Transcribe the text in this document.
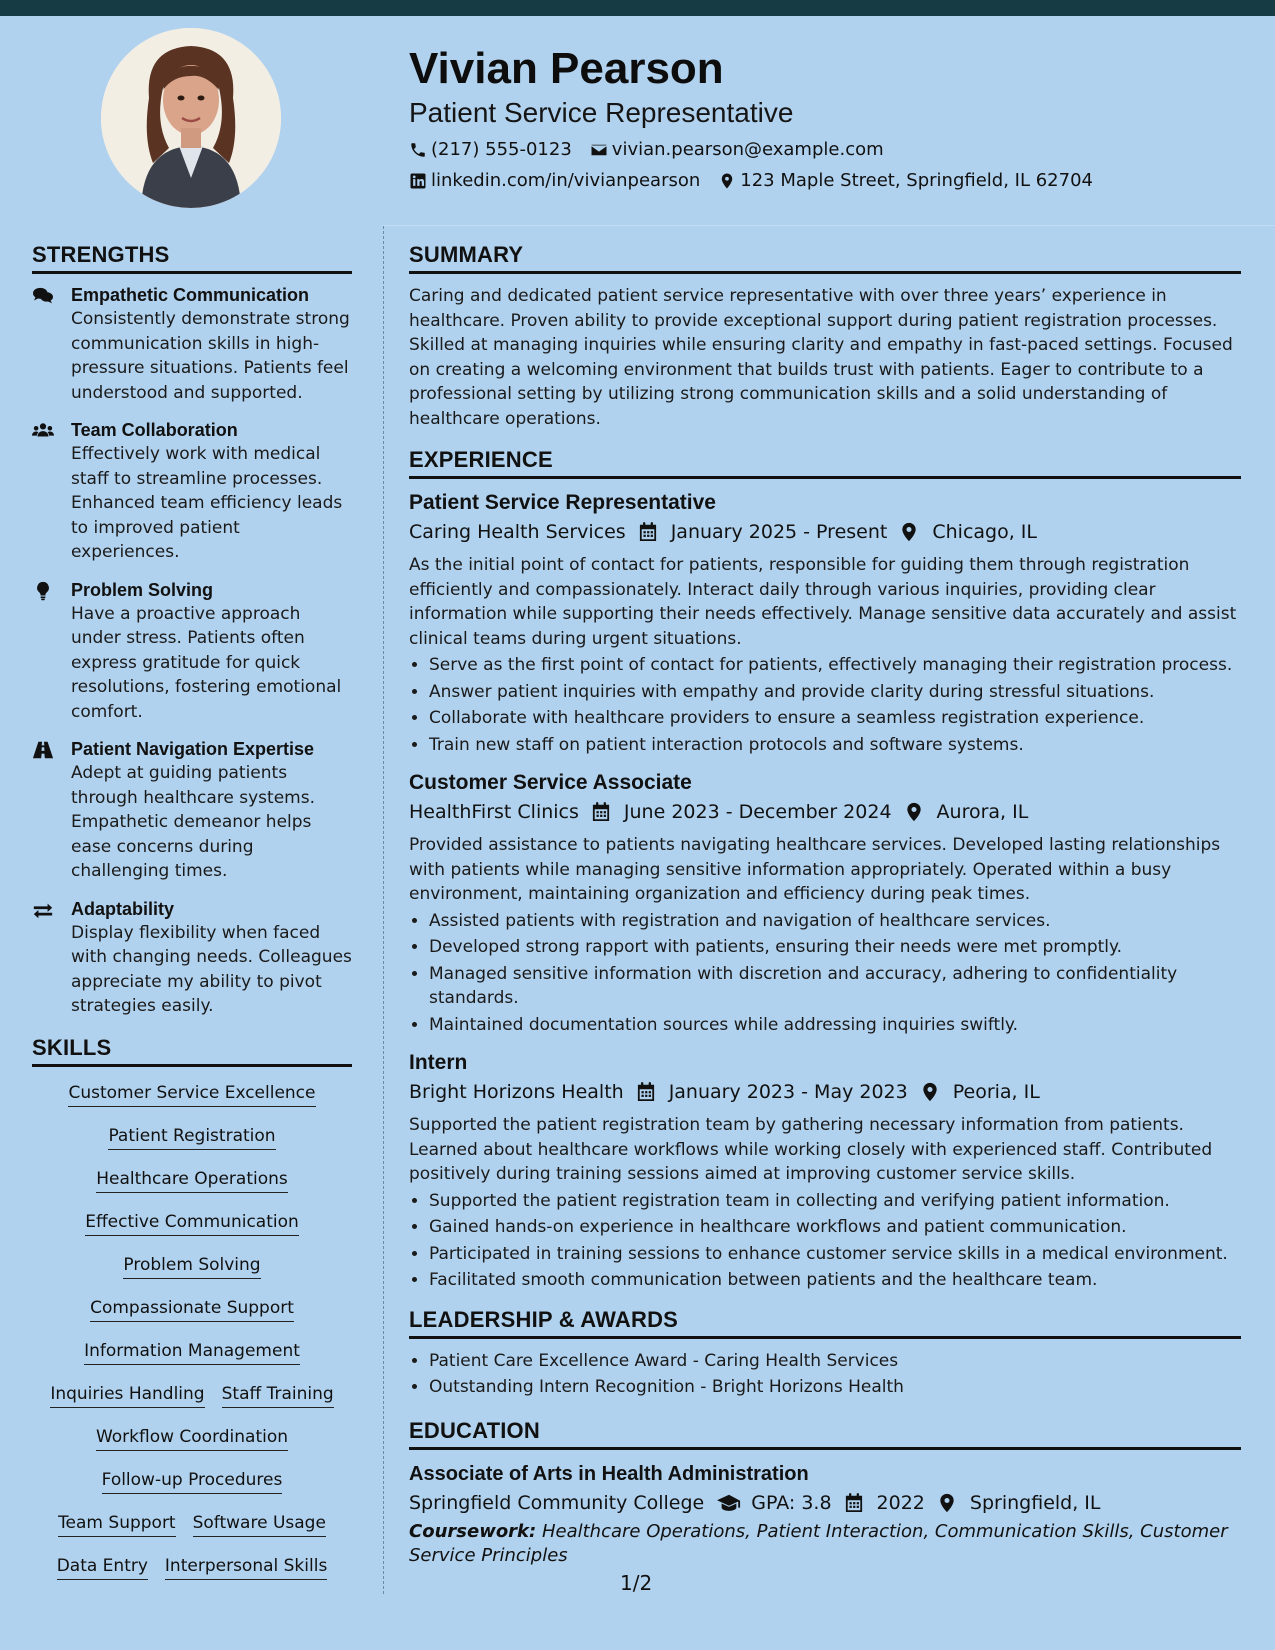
Vivian Pearson
Patient Service Representative
(217) 555-0123 vivian.pearson@example.com
linkedin.com/in/vivianpearson 123 Maple Street, Springfield, IL 62704
STRENGTHS
Empathetic Communication
Consistently demonstrate strong communication skills in high-pressure situations. Patients feel understood and supported.
Team Collaboration
Effectively work with medical staff to streamline processes. Enhanced team efficiency leads to improved patient experiences.
Problem Solving
Have a proactive approach under stress. Patients often express gratitude for quick resolutions, fostering emotional comfort.
Patient Navigation Expertise
Adept at guiding patients through healthcare systems. Empathetic demeanor helps ease concerns during challenging times.
Adaptability
Display flexibility when faced with changing needs. Colleagues appreciate my ability to pivot strategies easily.
SKILLS
Customer Service Excellence
Patient Registration
Healthcare Operations
Effective Communication
Problem Solving
Compassionate Support
Information Management
Inquiries Handling Staff Training
Workflow Coordination
Follow-up Procedures
Team Support Software Usage
Data Entry Interpersonal Skills
SUMMARY
Caring and dedicated patient service representative with over three years’ experience in healthcare. Proven ability to provide exceptional support during patient registration processes. Skilled at managing inquiries while ensuring clarity and empathy in fast-paced settings. Focused on creating a welcoming environment that builds trust with patients. Eager to contribute to a professional setting by utilizing strong communication skills and a solid understanding of healthcare operations.
EXPERIENCE
Patient Service Representative
Caring Health Services January 2025 - Present Chicago, IL
As the initial point of contact for patients, responsible for guiding them through registration efficiently and compassionately. Interact daily through various inquiries, providing clear information while supporting their needs effectively. Manage sensitive data accurately and assist clinical teams during urgent situations.
• Serve as the first point of contact for patients, effectively managing their registration process.
• Answer patient inquiries with empathy and provide clarity during stressful situations.
• Collaborate with healthcare providers to ensure a seamless registration experience.
• Train new staff on patient interaction protocols and software systems.
Customer Service Associate
HealthFirst Clinics June 2023 - December 2024 Aurora, IL
Provided assistance to patients navigating healthcare services. Developed lasting relationships with patients while managing sensitive information appropriately. Operated within a busy environment, maintaining organization and efficiency during peak times.
• Assisted patients with registration and navigation of healthcare services.
• Developed strong rapport with patients, ensuring their needs were met promptly.
• Managed sensitive information with discretion and accuracy, adhering to confidentiality standards.
• Maintained documentation sources while addressing inquiries swiftly.
Intern
Bright Horizons Health January 2023 - May 2023 Peoria, IL
Supported the patient registration team by gathering necessary information from patients. Learned about healthcare workflows while working closely with experienced staff. Contributed positively during training sessions aimed at improving customer service skills.
• Supported the patient registration team in collecting and verifying patient information.
• Gained hands-on experience in healthcare workflows and patient communication.
• Participated in training sessions to enhance customer service skills in a medical environment.
• Facilitated smooth communication between patients and the healthcare team.
LEADERSHIP & AWARDS
• Patient Care Excellence Award - Caring Health Services
• Outstanding Intern Recognition - Bright Horizons Health
EDUCATION
Associate of Arts in Health Administration
Springfield Community College GPA: 3.8 2022 Springfield, IL
Coursework: Healthcare Operations, Patient Interaction, Communication Skills, Customer Service Principles
1/2
